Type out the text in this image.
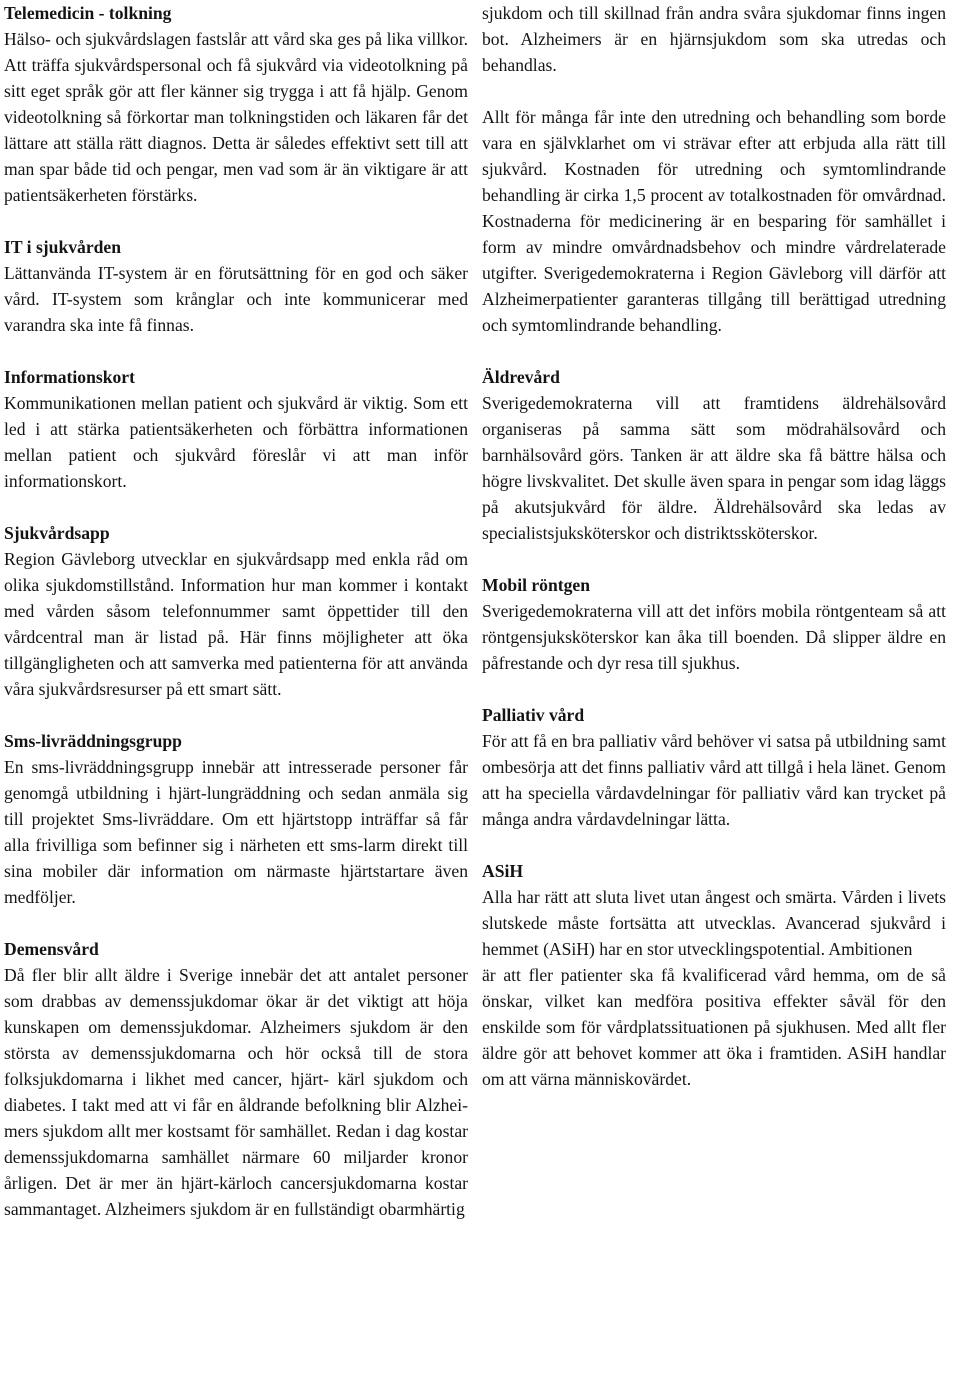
Telemedicin - tolkning

Hälso- och sjukvårdslagen fastslår att vård ska ges på lika villkor. Att träffa sjukvårdspersonal och få sjukvård via videotolkning på sitt eget språk gör att fler känner sig trygga i att få hjälp. Genom videotolkning så förkortar man tolkningstiden och läkaren får det lättare att ställa rätt diagnos. Detta är således effektivt sett till att man spar både tid och pengar, men vad som är än viktigare är att patientsäkerheten förstärks.

IT i sjukvården

Lättanvända IT-system är en förutsättning för en god och säker vård. IT-system som krånglar och inte kommunicerar med varandra ska inte få finnas.

Informationskort

Kommunikationen mellan patient och sjukvård är viktig. Som ett led i att stärka patientsäkerheten och förbättra informationen mellan patient och sjukvård föreslår vi att man inför informationskort.

Sjukvårdsapp

Region Gävleborg utvecklar en sjukvårdsapp med enkla råd om olika sjukdomstillstånd. Information hur man kommer i kontakt med vården såsom telefonnummer samt öppettider till den vårdcentral man är listad på. Här finns möjligheter att öka tillgängligheten och att samverka med patienterna för att använda våra sjukvårdsresurser på ett smart sätt.

Sms-livräddningsgrupp

En sms-livräddningsgrupp innebär att intresserade personer får genomgå utbildning i hjärt-lungräddning och sedan anmäla sig till projektet Sms-livräddare. Om ett hjärtstopp inträffar så får alla frivilliga som befinner sig i närheten ett sms-larm direkt till sina mobiler där information om närmaste hjärtstartare även medföljer.

Demensvård

Då fler blir allt äldre i Sverige innebär det att antalet personer som drabbas av demenssjukdomar ökar är det viktigt att höja kunskapen om demenssjukdomar. Alzheimers sjukdom är den största av demenssjukdomarna och hör också till de stora folksjukdomarna i likhet med cancer, hjärt- kärl sjukdom och diabetes. I takt med att vi får en åldrande befolkning blir Alzheimers sjukdom allt mer kostsamt för samhället. Redan i dag kostar demenssjukdomarna samhället närmare 60 miljarder kronor årligen. Det är mer än hjärt-kärloch cancersjukdomarna kostar sammantaget. Alzheimers sjukdom är en fullständigt obarmhärtig

sjukdom och till skillnad från andra svåra sjukdomar finns ingen bot. Alzheimers är en hjärnsjukdom som ska utredas och behandlas.

Allt för många får inte den utredning och behandling som borde vara en självklarhet om vi strävar efter att erbjuda alla rätt till sjukvård. Kostnaden för utredning och symtomlindrande behandling är cirka 1,5 procent av totalkostnaden för omvårdnad. Kostnaderna för medicinering är en besparing för samhället i form av mindre omvårdnadsbehov och mindre vårdrelaterade utgifter. Sverigedemokraterna i Region Gävleborg vill därför att Alzheimerpatienter garanteras tillgång till berättigad utredning och symtomlindrande behandling.

Äldrevård

Sverigedemokraterna vill att framtidens äldrehälsovård organiseras på samma sätt som mödrahälsovård och barnhälsovård görs. Tanken är att äldre ska få bättre hälsa och högre livskvalitet. Det skulle även spara in pengar som idag läggs på akutsjukvård för äldre. Äldrehälsovård ska ledas av specialistsjuksköterskor och distriktssköterskor.

Mobil röntgen

Sverigedemokraterna vill att det införs mobila röntgenteam så att röntgensjuksköterskor kan åka till boenden. Då slipper äldre en påfrestande och dyr resa till sjukhus.

Palliativ vård

För att få en bra palliativ vård behöver vi satsa på utbildning samt ombesörja att det finns palliativ vård att tillgå i hela länet. Genom att ha speciella vårdavdelningar för palliativ vård kan trycket på många andra vårdavdelningar lätta.

ASiH

Alla har rätt att sluta livet utan ångest och smärta. Vården i livets slutskede måste fortsätta att utvecklas. Avancerad sjukvård i hemmet (ASiH) har en stor utvecklingspotential. Ambitionen

är att fler patienter ska få kvalificerad vård hemma, om de så önskar, vilket kan medföra positiva effekter såväl för den enskilde som för vårdplatssituationen på sjukhusen. Med allt fler äldre gör att behovet kommer att öka i framtiden. ASiH handlar om att värna människovärdet.
